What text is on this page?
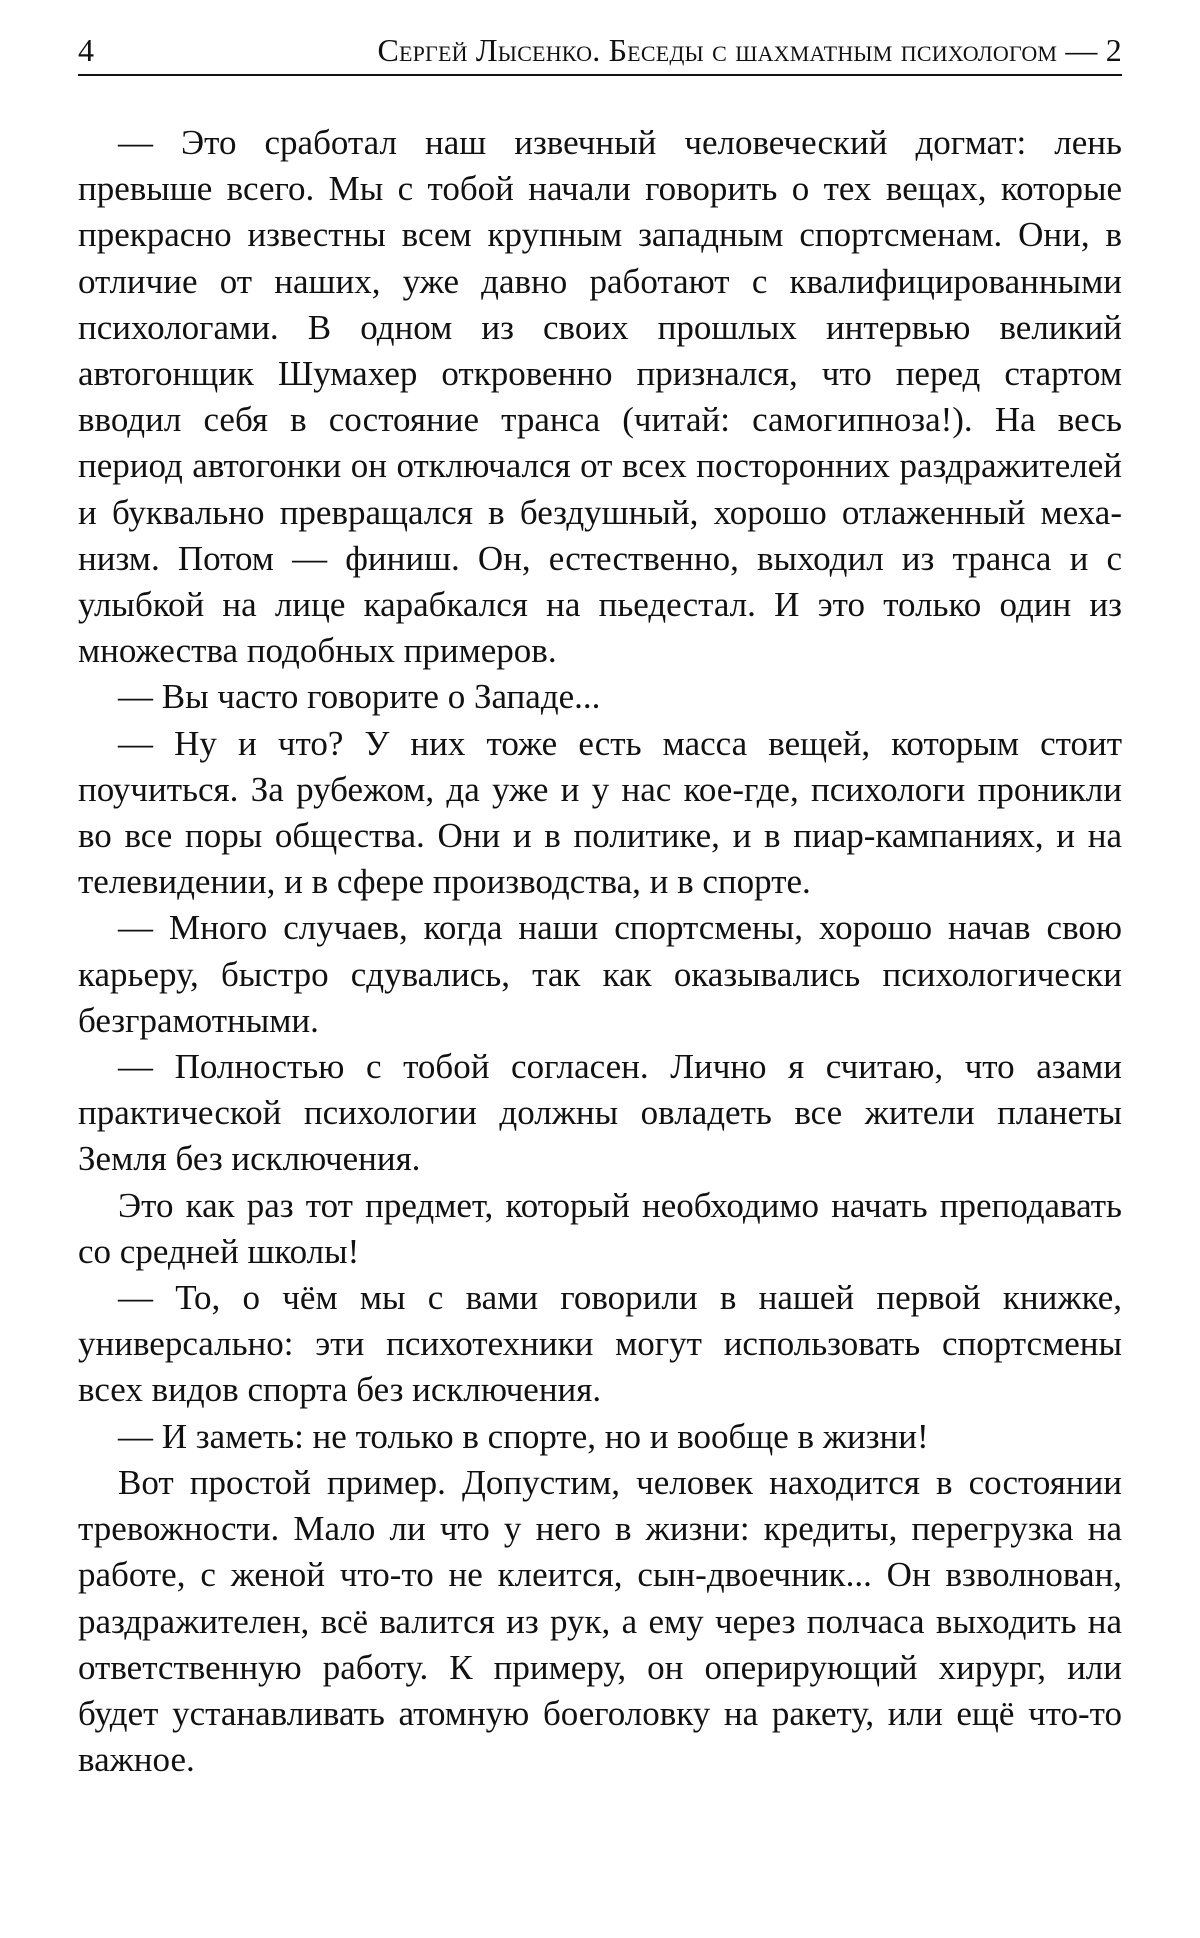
4	Сергей Лысенко. Беседы с шахматным психологом — 2

— Это сработал наш извечный человеческий догмат: лень превыше всего. Мы с тобой начали говорить о тех вещах, которые прекрасно известны всем крупным западным спортсменам. Они, в отличие от наших, уже давно работают с квалифицированными психологами. В одном из своих прошлых интервью великий автогонщик Шумахер откровенно признался, что перед стартом вводил себя в состояние транса (читай: самогипноза!). На весь период автогонки он отключался от всех посторонних раздражителей и буквально превращался в бездушный, хорошо отлаженный механизм. Потом — финиш. Он, естественно, выходил из транса и с улыбкой на лице карабкался на пьедестал. И это только один из множества подобных примеров.

— Вы часто говорите о Западе...

— Ну и что? У них тоже есть масса вещей, которым стоит поучиться. За рубежом, да уже и у нас кое-где, психологи проникли во все поры общества. Они и в политике, и в пиар-кампаниях, и на телевидении, и в сфере производства, и в спорте.

— Много случаев, когда наши спортсмены, хорошо начав свою карьеру, быстро сдувались, так как оказывались психологически безграмотными.

— Полностью с тобой согласен. Лично я считаю, что азами практической психологии должны овладеть все жители планеты Земля без исключения.

Это как раз тот предмет, который необходимо начать преподавать со средней школы!

— То, о чём мы с вами говорили в нашей первой книжке, универсально: эти психотехники могут использовать спортсмены всех видов спорта без исключения.

— И заметь: не только в спорте, но и вообще в жизни!

Вот простой пример. Допустим, человек находится в состоянии тревожности. Мало ли что у него в жизни: кредиты, перегрузка на работе, с женой что-то не клеится, сын-двоечник... Он взволнован, раздражителен, всё валится из рук, а ему через полчаса выходить на ответственную работу. К примеру, он оперирующий хирург, или будет устанавливать атомную боеголовку на ракету, или ещё что-то важное.
